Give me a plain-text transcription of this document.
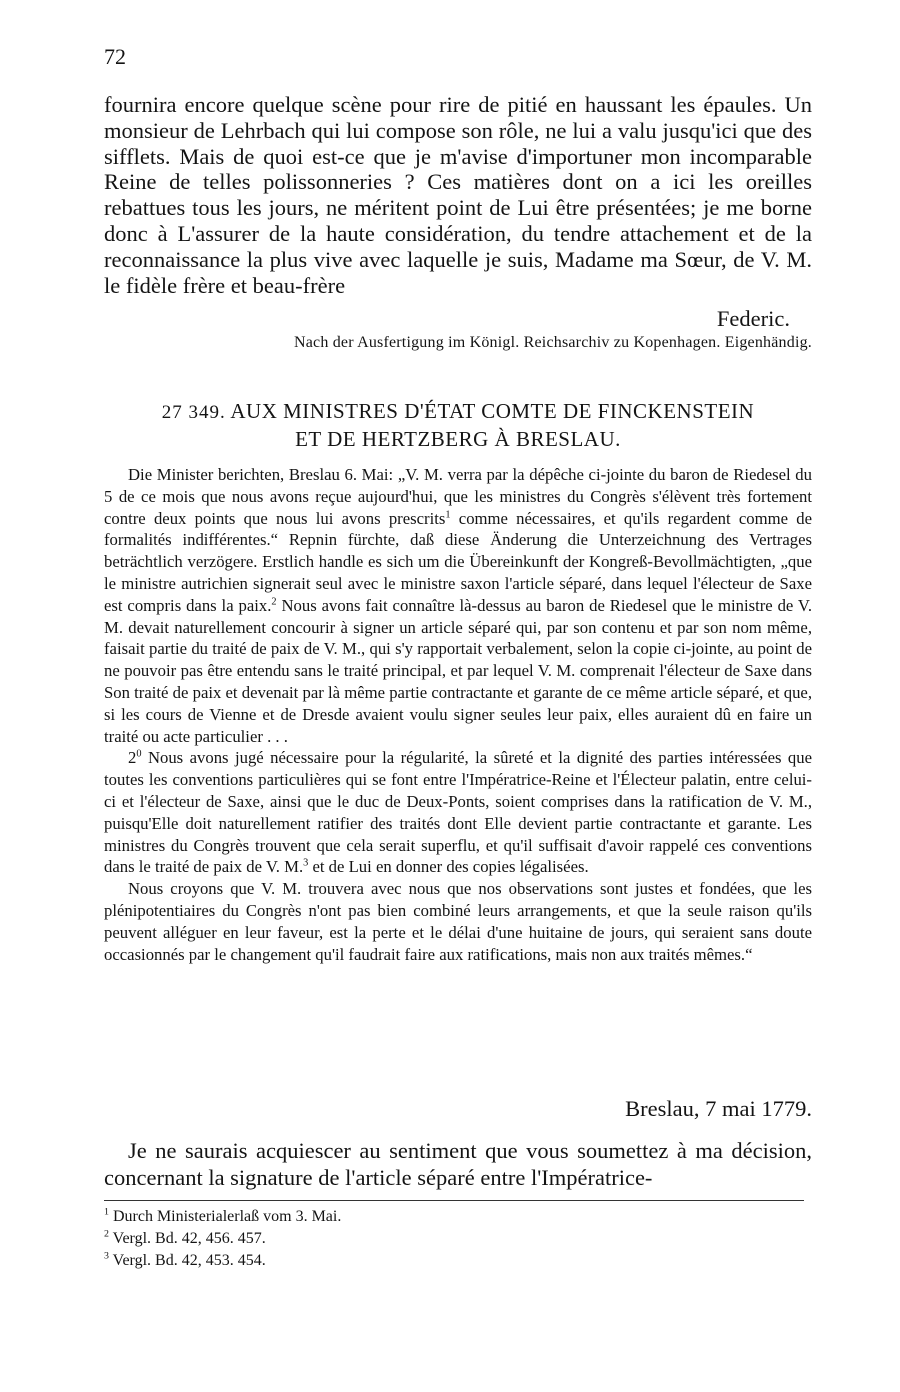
72
fournira encore quelque scène pour rire de pitié en haussant les épaules. Un monsieur de Lehrbach qui lui compose son rôle, ne lui a valu jusqu'ici que des sifflets. Mais de quoi est-ce que je m'avise d'importuner mon incomparable Reine de telles polissonneries ? Ces matières dont on a ici les oreilles rebattues tous les jours, ne méritent point de Lui être présentées; je me borne donc à L'assurer de la haute considération, du tendre attachement et de la reconnaissance la plus vive avec laquelle je suis, Madame ma Sœur, de V. M. le fidèle frère et beau-frère
Federic.
Nach der Ausfertigung im Königl. Reichsarchiv zu Kopenhagen. Eigenhändig.
27 349. AUX MINISTRES D'ÉTAT COMTE DE FINCKENSTEIN
ET DE HERTZBERG À BRESLAU.

Die Minister berichten, Breslau 6. Mai: „V. M. verra par la dépêche ci-jointe du baron de Riedesel du 5 de ce mois que nous avons reçue aujourd'hui, que les ministres du Congrès s'élèvent très fortement contre deux points que nous lui avons prescrits$^1$ comme nécessaires, et qu'ils regardent comme de formalités indifférentes.“ Repnin fürchte, daß diese Änderung die Unterzeichnung des Vertrages beträchtlich verzögere. Erstlich handle es sich um die Übereinkunft der Kongreß-Bevollmächtigten, „que le ministre autrichien signerait seul avec le ministre saxon l'article séparé, dans lequel l'électeur de Saxe est compris dans la paix.$^2$ Nous avons fait connaître là-dessus au baron de Riedesel que le ministre de V. M. devait naturellement concourir à signer un article séparé qui, par son contenu et par son nom même, faisait partie du traité de paix de V. M., qui s'y rapportait verbalement, selon la copie ci-jointe, au point de ne pouvoir pas être entendu sans le traité principal, et par lequel V. M. comprenait l'électeur de Saxe dans Son traité de paix et devenait par là même partie contractante et garante de ce même article séparé, et que, si les cours de Vienne et de Dresde avaient voulu signer seules leur paix, elles auraient dû en faire un traité ou acte particulier . . .

$2^0$ Nous avons jugé nécessaire pour la régularité, la sûreté et la dignité des parties intéressées que toutes les conventions particulières qui se font entre l'Impératrice-Reine et l'Électeur palatin, entre celui-ci et l'électeur de Saxe, ainsi que le duc de Deux-Ponts, soient comprises dans la ratification de V. M., puisqu'Elle doit naturellement ratifier des traités dont Elle devient partie contractante et garante. Les ministres du Congrès trouvent que cela serait superflu, et qu'il suffisait d'avoir rappelé ces conventions dans le traité de paix de V. M.$^3$ et de Lui en donner des copies légalisées.

Nous croyons que V. M. trouvera avec nous que nos observations sont justes et fondées, que les plénipotentiaires du Congrès n'ont pas bien combiné leurs arrangements, et que la seule raison qu'ils peuvent alléguer en leur faveur, est la perte et le délai d'une huitaine de jours, qui seraient sans doute occasionnés par le changement qu'il faudrait faire aux ratifications, mais non aux traités mêmes.“

Breslau, 7 mai 1779.
Je ne saurais acquiescer au sentiment que vous soumettez à ma décision, concernant la signature de l'article séparé entre l'Impératrice-
$^1$ Durch Ministerialerlaß vom 3. Mai.
$^2$ Vergl. Bd. 42, 456. 457.
$^3$ Vergl. Bd. 42, 453. 454.
